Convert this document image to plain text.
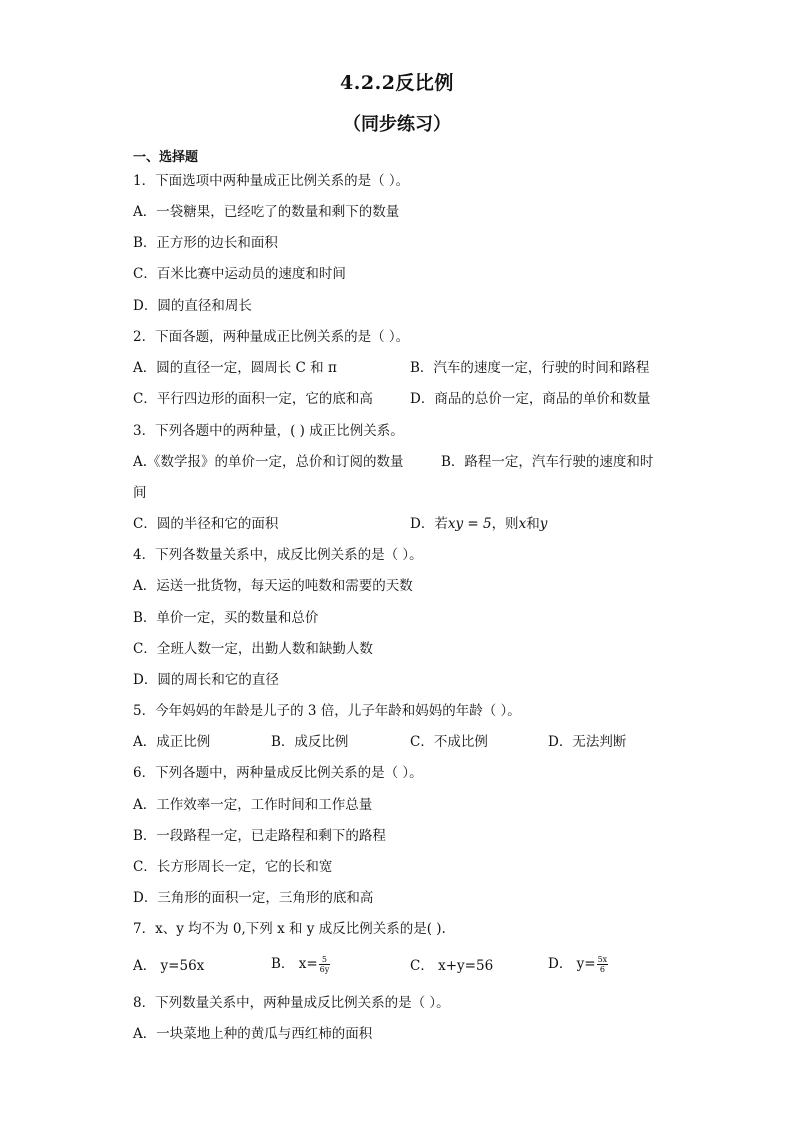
4.2.2反比例
（同步练习）
一、选择题
1．下面选项中两种量成正比例关系的是（ ）。
A．一袋糖果，已经吃了的数量和剩下的数量
B．正方形的边长和面积
C．百米比赛中运动员的速度和时间
D．圆的直径和周长
2．下面各题，两种量成正比例关系的是（ ）。
A．圆的直径一定，圆周长 C 和 π	B．汽车的速度一定，行驶的时间和路程
C．平行四边形的面积一定，它的底和高	D．商品的总价一定，商品的单价和数量
3．下列各题中的两种量，( ) 成正比例关系。
A.《数学报》的单价一定，总价和订阅的数量	B．路程一定，汽车行驶的速度和时
间
C．圆的半径和它的面积	D．若xy = 5，则x和y
4．下列各数量关系中，成反比例关系的是（ ）。
A．运送一批货物，每天运的吨数和需要的天数
B．单价一定，买的数量和总价
C．全班人数一定，出勤人数和缺勤人数
D．圆的周长和它的直径
5．今年妈妈的年龄是儿子的 3 倍，儿子年龄和妈妈的年龄（ ）。
A．成正比例	B．成反比例	C．不成比例	D．无法判断
6．下列各题中，两种量成反比例关系的是（ ）。
A．工作效率一定，工作时间和工作总量
B．一段路程一定，已走路程和剩下的路程
C．长方形周长一定，它的长和宽
D．三角形的面积一定，三角形的底和高
7．x、y 均不为 0,下列 x 和 y 成反比例关系的是( ).
A． y=56x	B． $x= \frac{5}{6y}$	C． x+y=56	D． $y= \frac{5x}{6}$
8．下列数量关系中，两种量成反比例关系的是（ ）。
A．一块菜地上种的黄瓜与西红柿的面积
